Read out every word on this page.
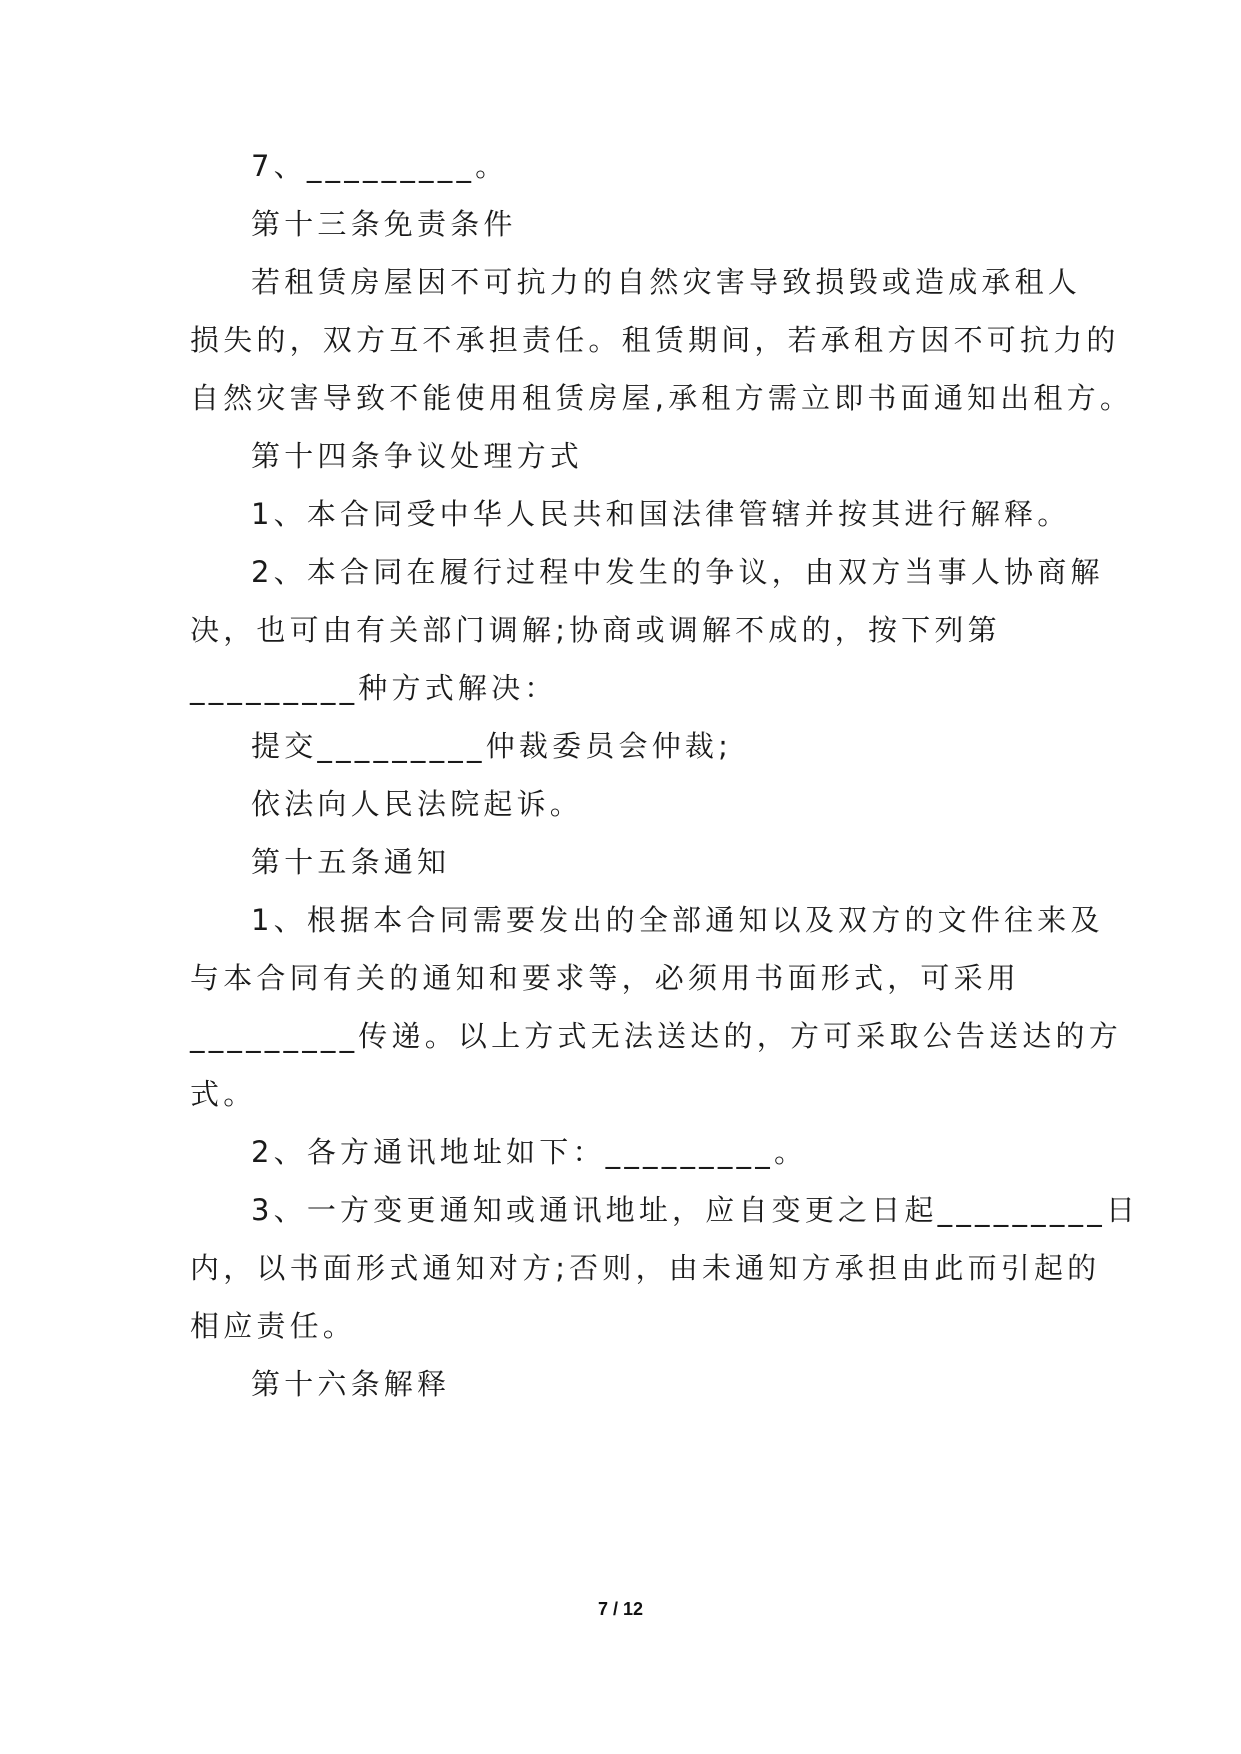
7、_________。

第十三条免责条件

若租赁房屋因不可抗力的自然灾害导致损毁或造成承租人

损失的，双方互不承担责任。租赁期间，若承租方因不可抗力的

自然灾害导致不能使用租赁房屋,承租方需立即书面通知出租方。

第十四条争议处理方式

1、本合同受中华人民共和国法律管辖并按其进行解释。

2、本合同在履行过程中发生的争议，由双方当事人协商解

决，也可由有关部门调解;协商或调解不成的，按下列第

_________种方式解决：

提交_________仲裁委员会仲裁;

依法向人民法院起诉。

第十五条通知

1、根据本合同需要发出的全部通知以及双方的文件往来及

与本合同有关的通知和要求等，必须用书面形式，可采用

_________传递。以上方式无法送达的，方可采取公告送达的方

式。

2、各方通讯地址如下：_________。

3、一方变更通知或通讯地址，应自变更之日起_________日

内，以书面形式通知对方;否则，由未通知方承担由此而引起的

相应责任。

第十六条解释

7 / 12
